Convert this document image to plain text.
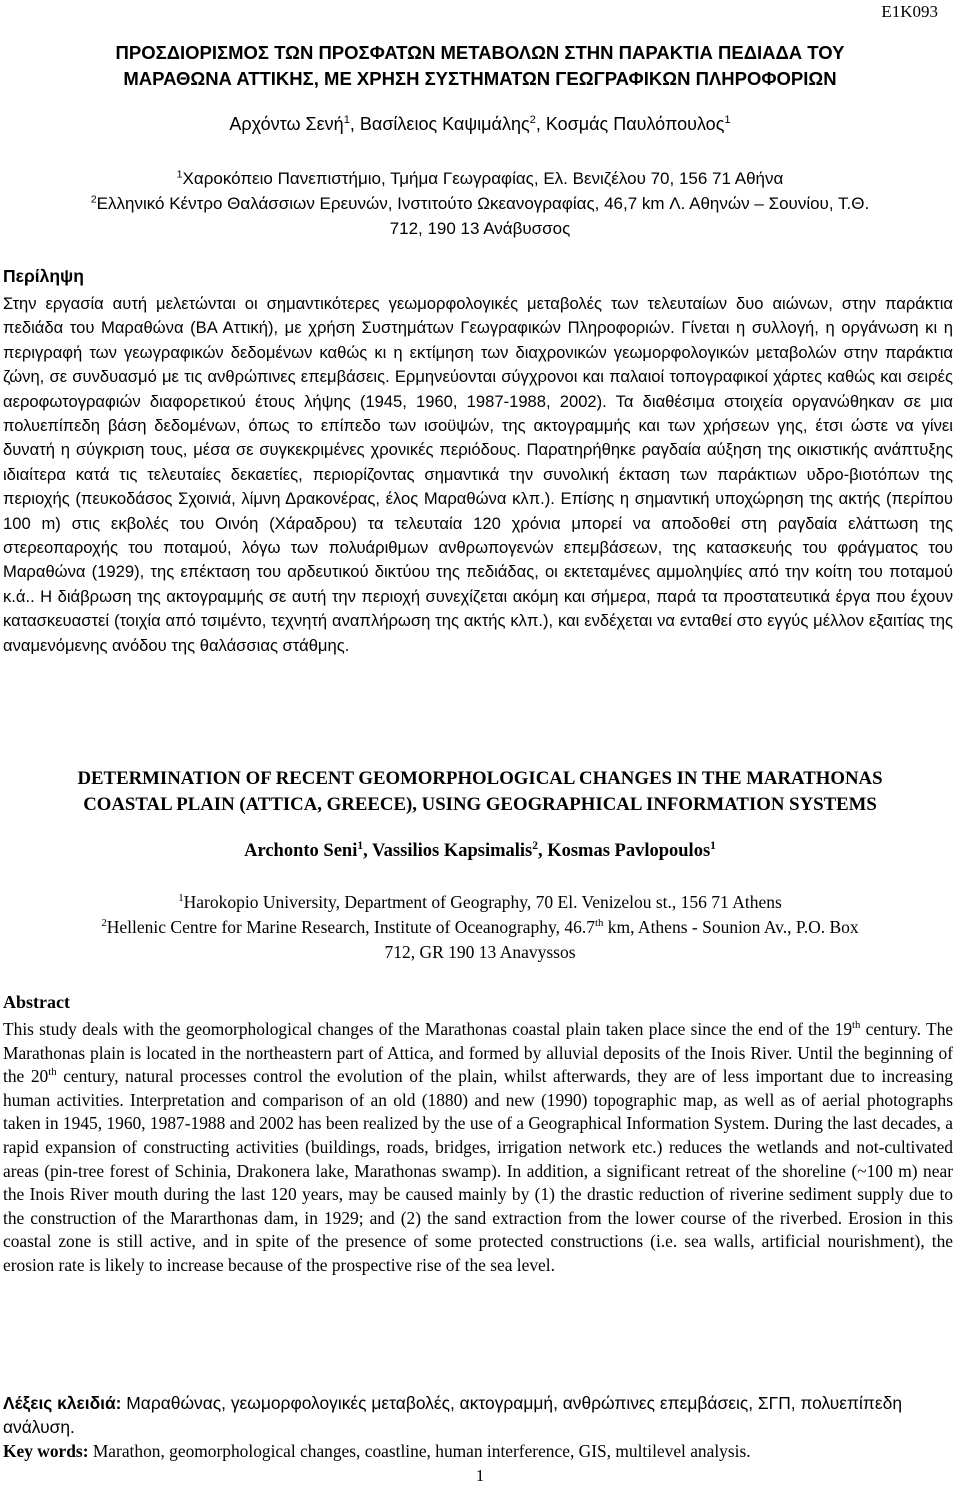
E1K093
ΠΡΟΣΔΙΟΡΙΣΜΟΣ ΤΩΝ ΠΡΟΣΦΑΤΩΝ ΜΕΤΑΒΟΛΩΝ ΣΤΗΝ ΠΑΡΑΚΤΙΑ ΠΕΔΙΑΔΑ ΤΟΥ
ΜΑΡΑΘΩΝΑ ΑΤΤΙΚΗΣ, ΜΕ ΧΡΗΣΗ ΣΥΣΤΗΜΑΤΩΝ ΓΕΩΓΡΑΦΙΚΩΝ ΠΛΗΡΟΦΟΡΙΩΝ
Αρχόντω Σενή$^1$, Βασίλειος Καψιμάλης$^2$, Κοσμάς Παυλόπουλος$^1$
$^1$Χαροκόπειο Πανεπιστήμιο, Τμήμα Γεωγραφίας, Ελ. Βενιζέλου 70, 156 71 Αθήνα
$^2$Ελληνικό Κέντρο Θαλάσσιων Ερευνών, Ινστιτούτο Ωκεανογραφίας, 46,7 km Λ. Αθηνών – Σουνίου, Τ.Θ.
712, 190 13 Ανάβυσσος
Περίληψη

Στην εργασία αυτή μελετώνται οι σημαντικότερες γεωμορφολογικές μεταβολές των τελευταίων δυο αιώνων, στην παράκτια πεδιάδα του Μαραθώνα (ΒΑ Αττική), με χρήση Συστημάτων Γεωγραφικών Πληροφοριών. Γίνεται η συλλογή, η οργάνωση κι η περιγραφή των γεωγραφικών δεδομένων καθώς κι η εκτίμηση των διαχρονικών γεωμορφολογικών μεταβολών στην παράκτια ζώνη, σε συνδυασμό με τις ανθρώπινες επεμβάσεις. Ερμηνεύονται σύγχρονοι και παλαιοί τοπογραφικοί χάρτες καθώς και σειρές αεροφωτογραφιών διαφορετικού έτους λήψης (1945, 1960, 1987-1988, 2002). Τα διαθέσιμα στοιχεία οργανώθηκαν σε μια πολυεπίπεδη βάση δεδομένων, όπως το επίπεδο των ισοϋψών, της ακτογραμμής και των χρήσεων γης, έτσι ώστε να γίνει δυνατή η σύγκριση τους, μέσα σε συγκεκριμένες χρονικές περιόδους. Παρατηρήθηκε ραγδαία αύξηση της οικιστικής ανάπτυξης ιδιαίτερα κατά τις τελευταίες δεκαετίες, περιορίζοντας σημαντικά την συνολική έκταση των παράκτιων υδρο-βιοτόπων της περιοχής (πευκοδάσος Σχοινιά, λίμνη Δρακονέρας, έλος Μαραθώνα κλπ.). Επίσης η σημαντική υποχώρηση της ακτής (περίπου 100 m) στις εκβολές του Οινόη (Χάραδρου) τα τελευταία 120 χρόνια μπορεί να αποδοθεί στη ραγδαία ελάττωση της στερεοπαροχής του ποταμού, λόγω των πολυάριθμων ανθρωπογενών επεμβάσεων, της κατασκευής του φράγματος του Μαραθώνα (1929), της επέκταση του αρδευτικού δικτύου της πεδιάδας, οι εκτεταμένες αμμοληψίες από την κοίτη του ποταμού κ.ά.. Η διάβρωση της ακτογραμμής σε αυτή την περιοχή συνεχίζεται ακόμη και σήμερα, παρά τα προστατευτικά έργα που έχουν κατασκευαστεί (τοιχία από τσιμέντο, τεχνητή αναπλήρωση της ακτής κλπ.), και ενδέχεται να ενταθεί στο εγγύς μέλλον εξαιτίας της αναμενόμενης ανόδου της θαλάσσιας στάθμης.

DETERMINATION OF RECENT GEOMORPHOLOGICAL CHANGES IN THE MARATHONAS
COASTAL PLAIN (ATTICA, GREECE), USING GEOGRAPHICAL INFORMATION SYSTEMS
Archonto Seni$^1$, Vassilios Kapsimalis$^2$, Kosmas Pavlopoulos$^1$
$^1$Harokopio University, Department of Geography, 70 El. Venizelou st., 156 71 Athens
$^2$Hellenic Centre for Marine Research, Institute of Oceanography, 46.7th km, Athens - Sounion Av., P.O. Box
712, GR 190 13 Anavyssos
Abstract

This study deals with the geomorphological changes of the Marathonas coastal plain taken place since the end of the 19th century. The Marathonas plain is located in the northeastern part of Attica, and formed by alluvial deposits of the Inois River. Until the beginning of the 20th century, natural processes control the evolution of the plain, whilst afterwards, they are of less important due to increasing human activities. Interpretation and comparison of an old (1880) and new (1990) topographic map, as well as of aerial photographs taken in 1945, 1960, 1987-1988 and 2002 has been realized by the use of a Geographical Information System. During the last decades, a rapid expansion of constructing activities (buildings, roads, bridges, irrigation network etc.) reduces the wetlands and not-cultivated areas (pin-tree forest of Schinia, Drakonera lake, Marathonas swamp). In addition, a significant retreat of the shoreline (~100 m) near the Inois River mouth during the last 120 years, may be caused mainly by (1) the drastic reduction of riverine sediment supply due to the construction of the Mararthonas dam, in 1929; and (2) the sand extraction from the lower course of the riverbed. Erosion in this coastal zone is still active, and in spite of the presence of some protected constructions (i.e. sea walls, artificial nourishment), the erosion rate is likely to increase because of the prospective rise of the sea level.

Λέξεις κλειδιά: Μαραθώνας, γεωμορφολογικές μεταβολές, ακτογραμμή, ανθρώπινες επεμβάσεις, ΣΓΠ, πολυεπίπεδη ανάλυση.
Key words: Marathon, geomorphological changes, coastline, human interference, GIS, multilevel analysis.
1
